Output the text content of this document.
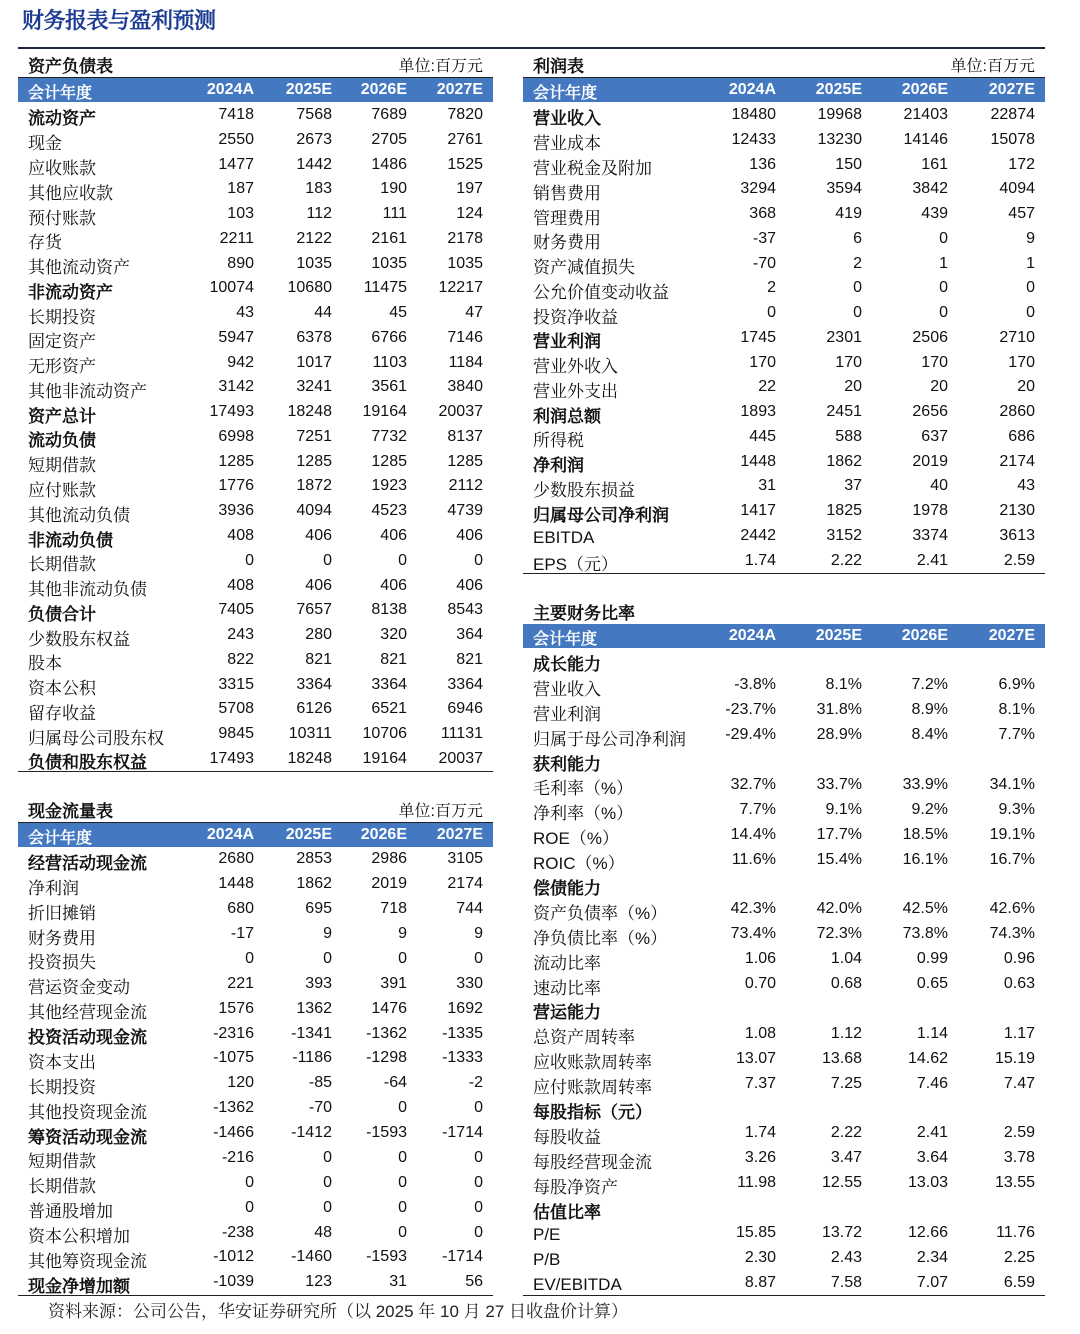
财务报表与盈利预测
资产负债表	单位:百万元
会计年度	2024A	2025E	2026E	2027E
流动资产	7418	7568	7689	7820
现金	2550	2673	2705	2761
应收账款	1477	1442	1486	1525
其他应收款	187	183	190	197
预付账款	103	112	111	124
存货	2211	2122	2161	2178
其他流动资产	890	1035	1035	1035
非流动资产	10074	10680	11475	12217
长期投资	43	44	45	47
固定资产	5947	6378	6766	7146
无形资产	942	1017	1103	1184
其他非流动资产	3142	3241	3561	3840
资产总计	17493	18248	19164	20037
流动负债	6998	7251	7732	8137
短期借款	1285	1285	1285	1285
应付账款	1776	1872	1923	2112
其他流动负债	3936	4094	4523	4739
非流动负债	408	406	406	406
长期借款	0	0	0	0
其他非流动负债	408	406	406	406
负债合计	7405	7657	8138	8543
少数股东权益	243	280	320	364
股本	822	821	821	821
资本公积	3315	3364	3364	3364
留存收益	5708	6126	6521	6946
归属母公司股东权	9845	10311	10706	11131
负债和股东权益	17493	18248	19164	20037
现金流量表	单位:百万元
会计年度	2024A	2025E	2026E	2027E
经营活动现金流	2680	2853	2986	3105
净利润	1448	1862	2019	2174
折旧摊销	680	695	718	744
财务费用	-17	9	9	9
投资损失	0	0	0	0
营运资金变动	221	393	391	330
其他经营现金流	1576	1362	1476	1692
投资活动现金流	-2316	-1341	-1362	-1335
资本支出	-1075	-1186	-1298	-1333
长期投资	120	-85	-64	-2
其他投资现金流	-1362	-70	0	0
筹资活动现金流	-1466	-1412	-1593	-1714
短期借款	-216	0	0	0
长期借款	0	0	0	0
普通股增加	0	0	0	0
资本公积增加	-238	48	0	0
其他筹资现金流	-1012	-1460	-1593	-1714
现金净增加额	-1039	123	31	56
利润表	单位:百万元
会计年度	2024A	2025E	2026E	2027E
营业收入	18480	19968	21403	22874
营业成本	12433	13230	14146	15078
营业税金及附加	136	150	161	172
销售费用	3294	3594	3842	4094
管理费用	368	419	439	457
财务费用	-37	6	0	9
资产减值损失	-70	2	1	1
公允价值变动收益	2	0	0	0
投资净收益	0	0	0	0
营业利润	1745	2301	2506	2710
营业外收入	170	170	170	170
营业外支出	22	20	20	20
利润总额	1893	2451	2656	2860
所得税	445	588	637	686
净利润	1448	1862	2019	2174
少数股东损益	31	37	40	43
归属母公司净利润	1417	1825	1978	2130
EBITDA	2442	3152	3374	3613
EPS（元）	1.74	2.22	2.41	2.59
主要财务比率
会计年度	2024A	2025E	2026E	2027E
成长能力
营业收入	-3.8%	8.1%	7.2%	6.9%
营业利润	-23.7%	31.8%	8.9%	8.1%
归属于母公司净利润	-29.4%	28.9%	8.4%	7.7%
获利能力
毛利率（%）	32.7%	33.7%	33.9%	34.1%
净利率（%）	7.7%	9.1%	9.2%	9.3%
ROE（%）	14.4%	17.7%	18.5%	19.1%
ROIC（%）	11.6%	15.4%	16.1%	16.7%
偿债能力
资产负债率（%）	42.3%	42.0%	42.5%	42.6%
净负债比率（%）	73.4%	72.3%	73.8%	74.3%
流动比率	1.06	1.04	0.99	0.96
速动比率	0.70	0.68	0.65	0.63
营运能力
总资产周转率	1.08	1.12	1.14	1.17
应收账款周转率	13.07	13.68	14.62	15.19
应付账款周转率	7.37	7.25	7.46	7.47
每股指标（元）
每股收益	1.74	2.22	2.41	2.59
每股经营现金流	3.26	3.47	3.64	3.78
每股净资产	11.98	12.55	13.03	13.55
估值比率
P/E	15.85	13.72	12.66	11.76
P/B	2.30	2.43	2.34	2.25
EV/EBITDA	8.87	7.58	7.07	6.59
资料来源：公司公告，华安证券研究所（以 2025 年 10 月 27 日收盘价计算）
